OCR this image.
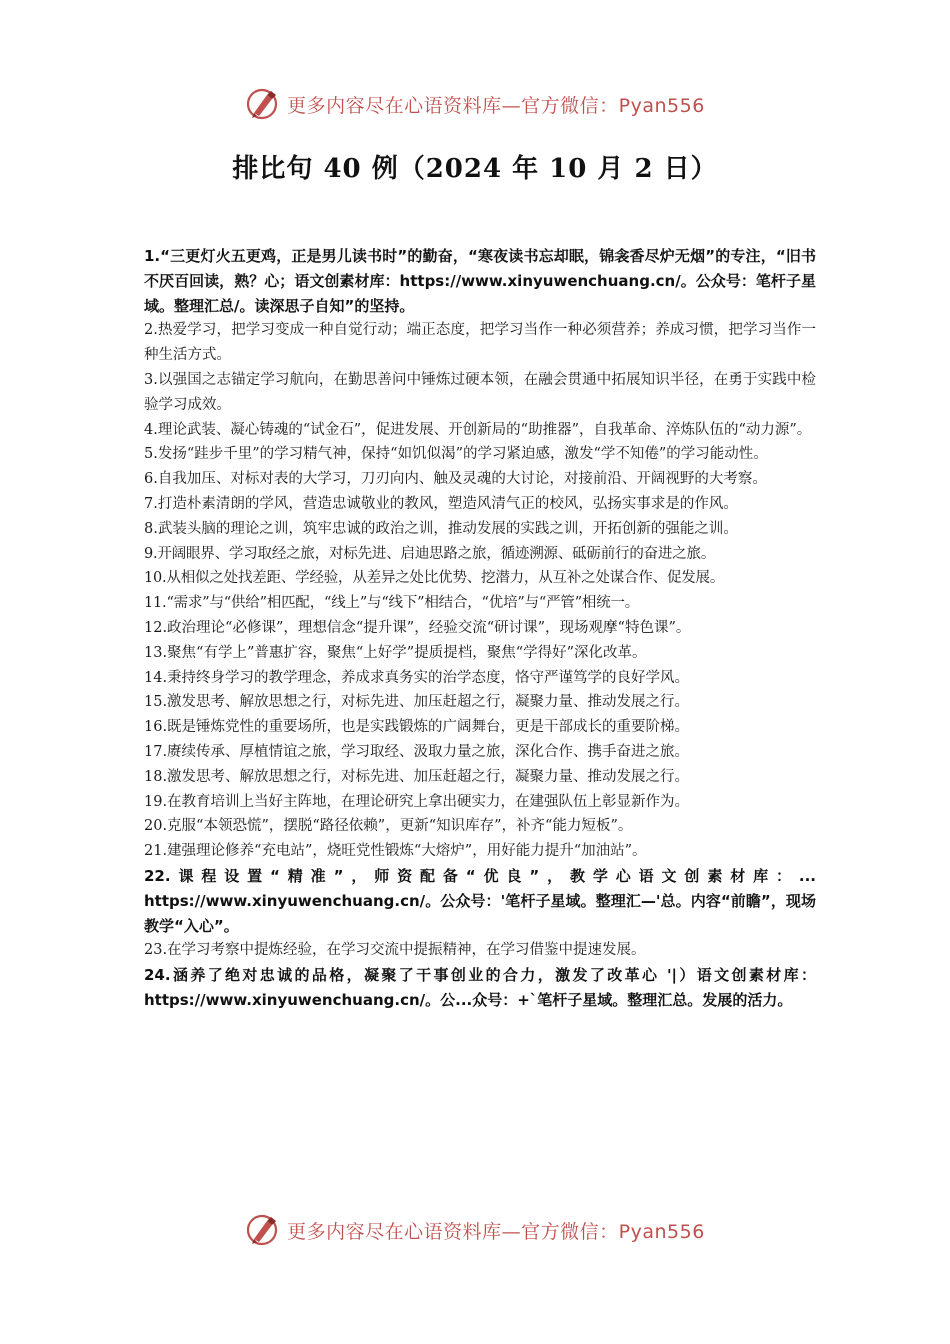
更多内容尽在心语资料库—官方微信：Pyan556
排比句 40 例（2024 年 10 月 2 日）

1.“三更灯火五更鸡，正是男儿读书时”的勤奋，“寒夜读书忘却眠，锦衾香尽炉无烟”的专注，“旧书不厌百回读，熟？心；语文创素材库：https://www.xinyuwenchuang.cn/。公众号：笔杆子星域。整理汇总/。读深思子自知”的坚持。

2.热爱学习，把学习变成一种自觉行动；端正态度，把学习当作一种必须营养；养成习惯，把学习当作一种生活方式。

3.以强国之志锚定学习航向，在勤思善问中锤炼过硬本领，在融会贯通中拓展知识半径，在勇于实践中检验学习成效。

4.理论武装、凝心铸魂的“试金石”，促进发展、开创新局的“助推器”，自我革命、淬炼队伍的“动力源”。

5.发扬“跬步千里”的学习精气神，保持“如饥似渴”的学习紧迫感，激发“学不知倦”的学习能动性。

6.自我加压、对标对表的大学习，刀刃向内、触及灵魂的大讨论，对接前沿、开阔视野的大考察。

7.打造朴素清朗的学风，营造忠诚敬业的教风，塑造风清气正的校风，弘扬实事求是的作风。

8.武装头脑的理论之训，筑牢忠诚的政治之训，推动发展的实践之训，开拓创新的强能之训。

9.开阔眼界、学习取经之旅，对标先进、启迪思路之旅，循迹溯源、砥砺前行的奋进之旅。

10.从相似之处找差距、学经验，从差异之处比优势、挖潜力，从互补之处谋合作、促发展。

11.“需求”与“供给”相匹配，“线上”与“线下”相结合，“优培”与“严管”相统一。

12.政治理论“必修课”，理想信念“提升课”，经验交流“研讨课”，现场观摩“特色课”。

13.聚焦“有学上”普惠扩容，聚焦“上好学”提质提档，聚焦“学得好”深化改革。

14.秉持终身学习的教学理念，养成求真务实的治学态度，恪守严谨笃学的良好学风。

15.激发思考、解放思想之行，对标先进、加压赶超之行，凝聚力量、推动发展之行。

16.既是锤炼党性的重要场所，也是实践锻炼的广阔舞台，更是干部成长的重要阶梯。

17.赓续传承、厚植情谊之旅，学习取经、汲取力量之旅，深化合作、携手奋进之旅。

18.激发思考、解放思想之行，对标先进、加压赶超之行，凝聚力量、推动发展之行。

19.在教育培训上当好主阵地，在理论研究上拿出硬实力，在建强队伍上彰显新作为。

20.克服“本领恐慌”，摆脱“路径依赖”，更新“知识库存”，补齐“能力短板”。

21.建强理论修养“充电站”，烧旺党性锻炼“大熔炉”，用好能力提升“加油站”。

22.课程设置“精准”，师资配备“优良”，教学心语文创素材库：... https://www.xinyuwenchuang.cn/。公众号：'笔杆子星域。整理汇—'总。内容“前瞻”，现场教学“入心”。

23.在学习考察中提炼经验，在学习交流中提振精神，在学习借鉴中提速发展。

24.涵养了绝对忠诚的品格，凝聚了干事创业的合力，激发了改革心 '|）语文创素材库：https://www.xinyuwenchuang.cn/。公...众号：+`笔杆子星域。整理汇总。发展的活力。

更多内容尽在心语资料库—官方微信：Pyan556
